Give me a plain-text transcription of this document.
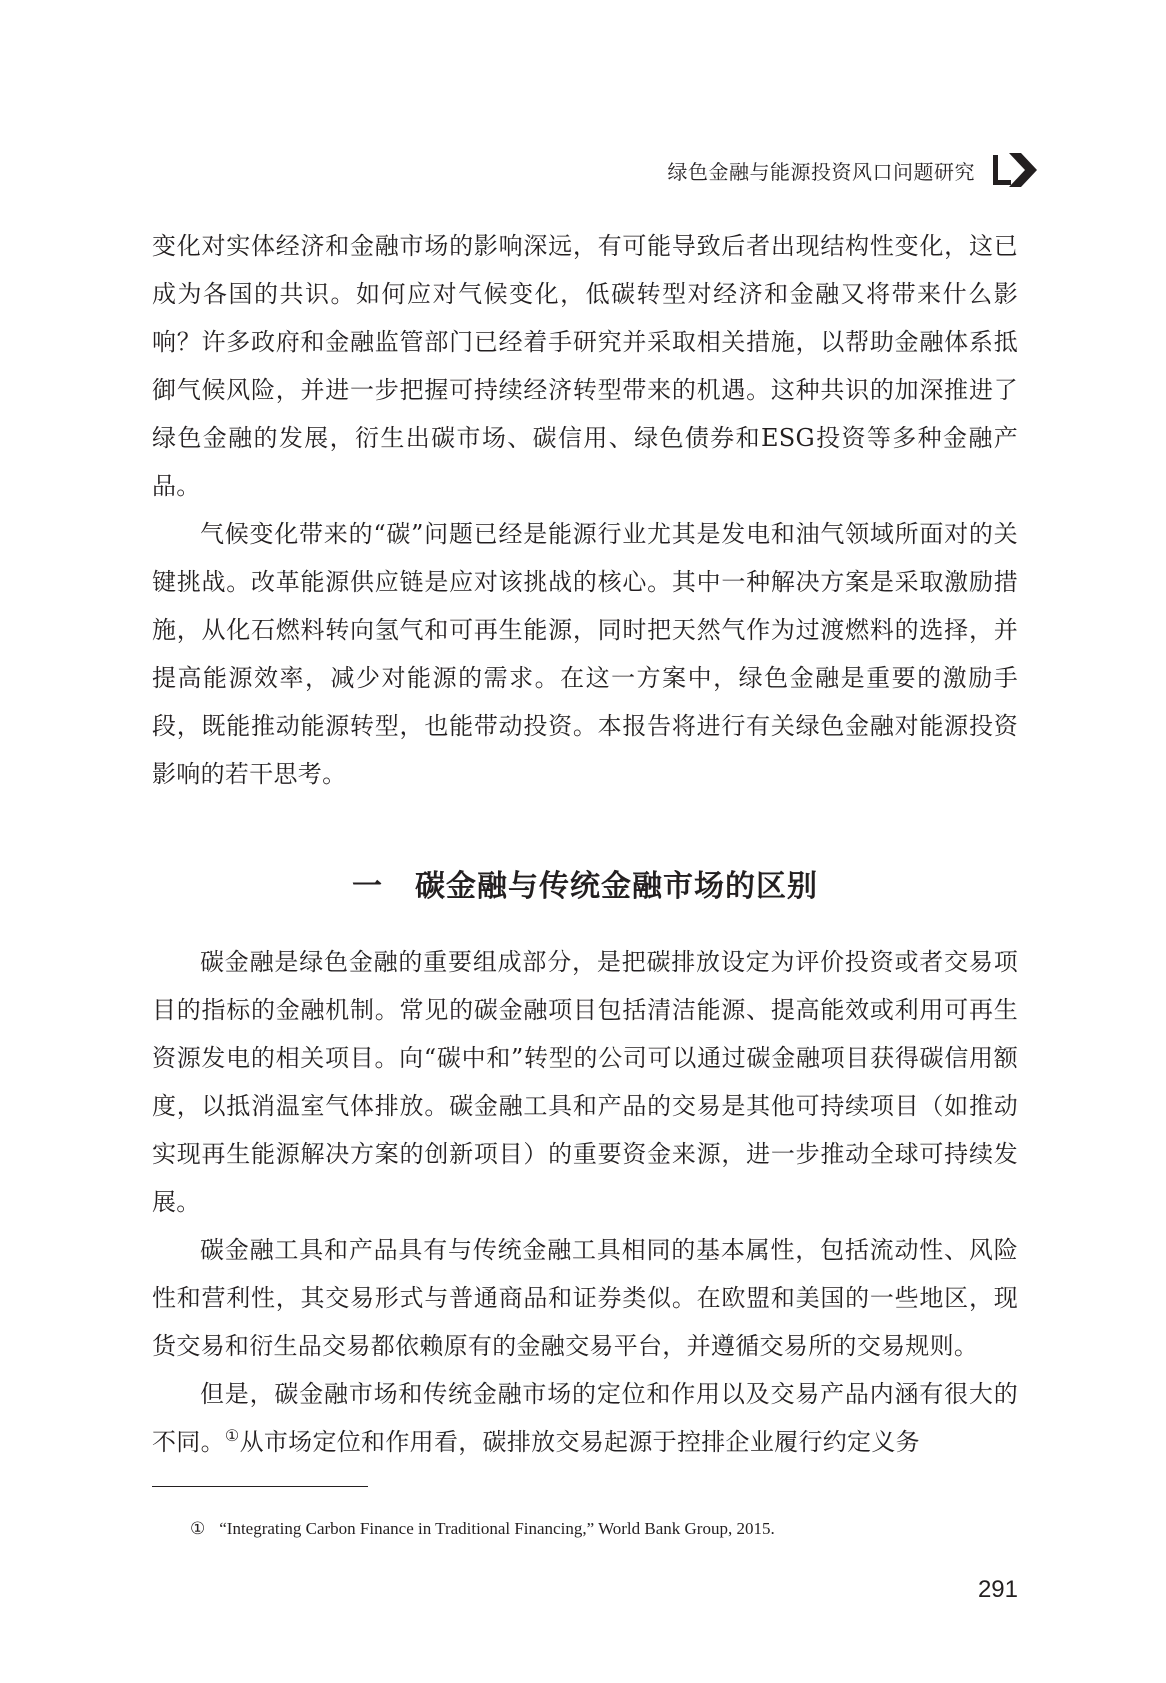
绿色金融与能源投资风口问题研究

变化对实体经济和金融市场的影响深远，有可能导致后者出现结构性变化，这已成为各国的共识。如何应对气候变化，低碳转型对经济和金融又将带来什么影响？许多政府和金融监管部门已经着手研究并采取相关措施，以帮助金融体系抵御气候风险，并进一步把握可持续经济转型带来的机遇。这种共识的加深推进了绿色金融的发展，衍生出碳市场、碳信用、绿色债券和ESG投资等多种金融产品。

气候变化带来的“碳”问题已经是能源行业尤其是发电和油气领域所面对的关键挑战。改革能源供应链是应对该挑战的核心。其中一种解决方案是采取激励措施，从化石燃料转向氢气和可再生能源，同时把天然气作为过渡燃料的选择，并提高能源效率，减少对能源的需求。在这一方案中，绿色金融是重要的激励手段，既能推动能源转型，也能带动投资。本报告将进行有关绿色金融对能源投资影响的若干思考。

一 碳金融与传统金融市场的区别

碳金融是绿色金融的重要组成部分，是把碳排放设定为评价投资或者交易项目的指标的金融机制。常见的碳金融项目包括清洁能源、提高能效或利用可再生资源发电的相关项目。向“碳中和”转型的公司可以通过碳金融项目获得碳信用额度，以抵消温室气体排放。碳金融工具和产品的交易是其他可持续项目（如推动实现再生能源解决方案的创新项目）的重要资金来源，进一步推动全球可持续发展。

碳金融工具和产品具有与传统金融工具相同的基本属性，包括流动性、风险性和营利性，其交易形式与普通商品和证券类似。在欧盟和美国的一些地区，现货交易和衍生品交易都依赖原有的金融交易平台，并遵循交易所的交易规则。

但是，碳金融市场和传统金融市场的定位和作用以及交易产品内涵有很大的不同。①从市场定位和作用看，碳排放交易起源于控排企业履行约定义务

① “Integrating Carbon Finance in Traditional Financing,” World Bank Group, 2015.
291
